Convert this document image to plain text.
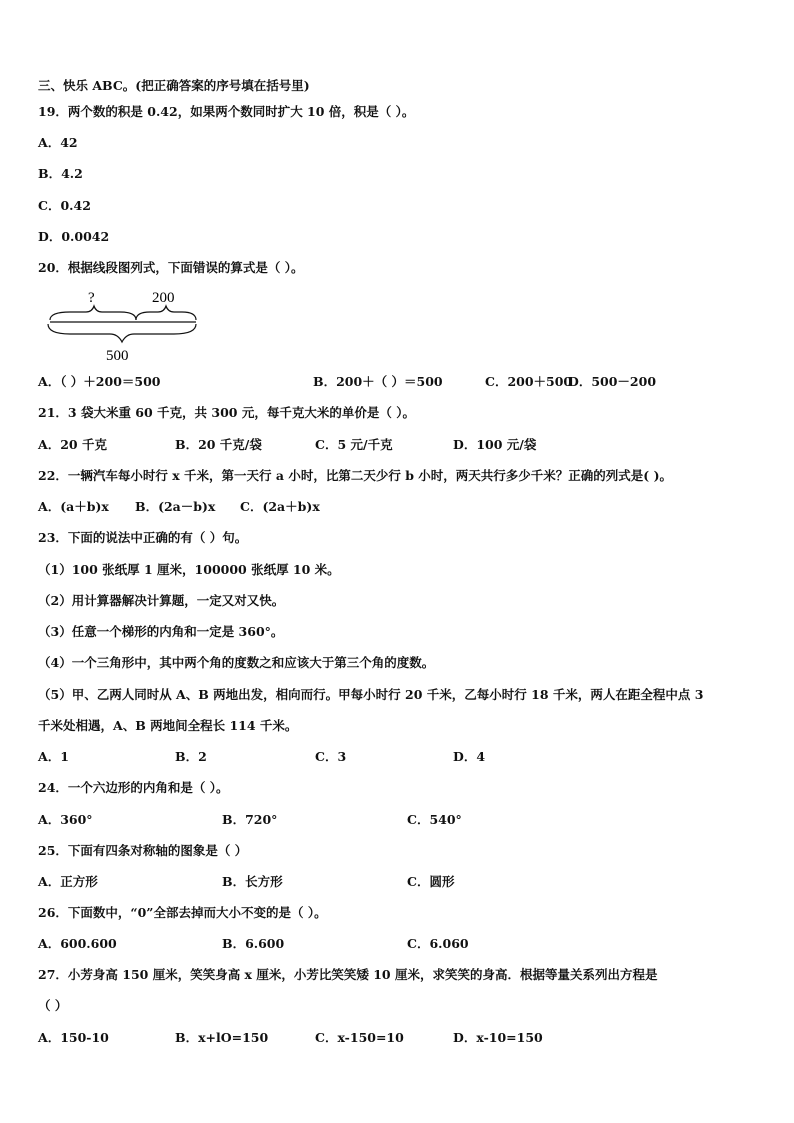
三、快乐 ABC。(把正确答案的序号填在括号里)
19．两个数的积是 0.42，如果两个数同时扩大 10 倍，积是（ ）。
A．42
B．4.2
C．0.42
D．0.0042
20．根据线段图列式，下面错误的算式是（ ）。
?	200
500
A．（ ）＋200＝500	B．200＋（ ）＝500	C．200＋500
D．500－200
21．3 袋大米重 60 千克，共 300 元，每千克大米的单价是（ ）。
A．20 千克	B．20 千克/袋	C．5 元/千克	D．100 元/袋
22．一辆汽车每小时行 x 千米，第一天行 a 小时，比第二天少行 b 小时，两天共行多少千米？正确的列式是( )。
A．(a＋b)x B．(2a－b)x C．(2a＋b)x
23．下面的说法中正确的有（ ）句。
（1）100 张纸厚 1 厘米，100000 张纸厚 10 米。
（2）用计算器解决计算题，一定又对又快。
（3）任意一个梯形的内角和一定是 360°。
（4）一个三角形中，其中两个角的度数之和应该大于第三个角的度数。
（5）甲、乙两人同时从 A、B 两地出发，相向而行。甲每小时行 20 千米，乙每小时行 18 千米，两人在距全程中点 3
千米处相遇，A、B 两地间全程长 114 千米。
A．1	B．2	C．3	D．4
24．一个六边形的内角和是（ ）。
A．360°	B．720°	C．540°
25．下面有四条对称轴的图象是（ ）
A．正方形	B．长方形	C．圆形
26．下面数中，“0”全部去掉而大小不变的是（ ）。
A．600.600	B．6.600	C．6.060
27．小芳身高 150 厘米，笑笑身高 x 厘米，小芳比笑笑矮 10 厘米，求笑笑的身高．根据等量关系列出方程是
（ ）
A．150-10	B．x+lO=150	C．x-150=10	D．x-10=150
